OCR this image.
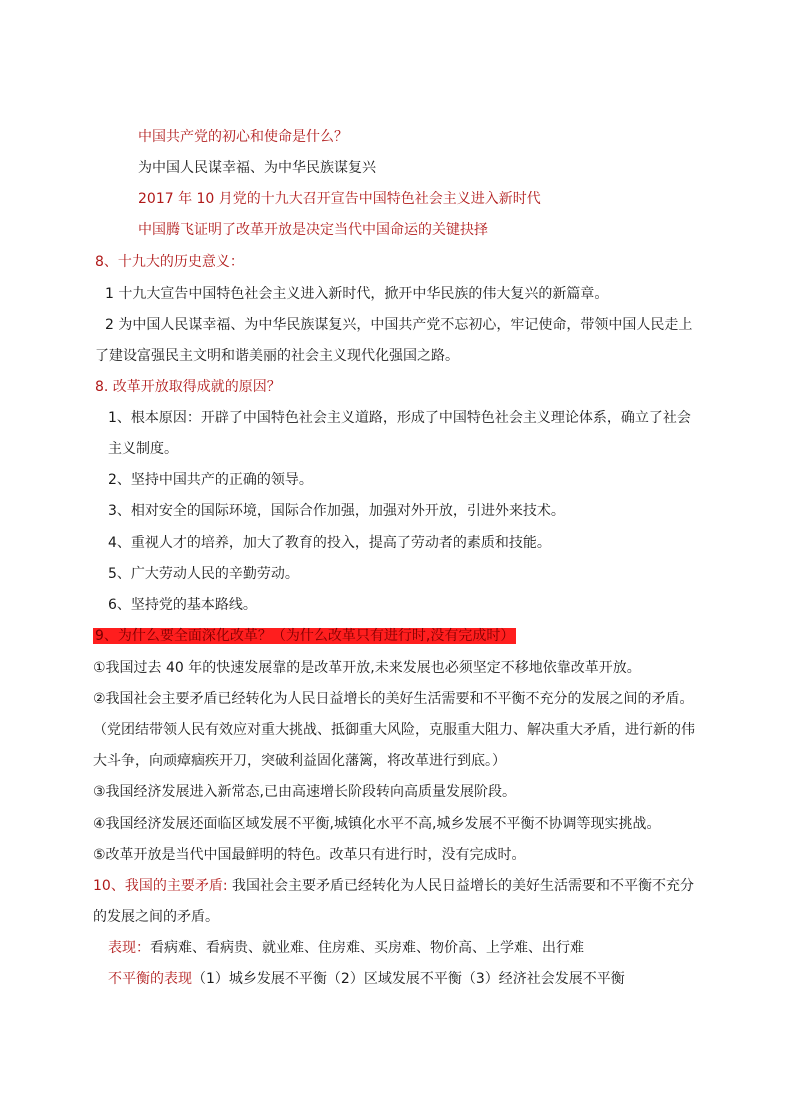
中国共产党的初心和使命是什么？
为中国人民谋幸福、为中华民族谋复兴
2017 年 10 月党的十九大召开宣告中国特色社会主义进入新时代
中国腾飞证明了改革开放是决定当代中国命运的关键抉择
8、十九大的历史意义：
1 十九大宣告中国特色社会主义进入新时代，掀开中华民族的伟大复兴的新篇章。
2 为中国人民谋幸福、为中华民族谋复兴，中国共产党不忘初心，牢记使命，带领中国人民走上
了建设富强民主文明和谐美丽的社会主义现代化强国之路。
8. 改革开放取得成就的原因？
1、根本原因：开辟了中国特色社会主义道路，形成了中国特色社会主义理论体系，确立了社会
主义制度。
2、坚持中国共产的正确的领导。
3、相对安全的国际环境，国际合作加强，加强对外开放，引进外来技术。
4、重视人才的培养，加大了教育的投入，提高了劳动者的素质和技能。
5、广大劳动人民的辛勤劳动。
6、坚持党的基本路线。
9、为什么要全面深化改革？（为什么改革只有进行时,没有完成时）
①我国过去 40 年的快速发展靠的是改革开放,未来发展也必须坚定不移地依靠改革开放。
②我国社会主要矛盾已经转化为人民日益增长的美好生活需要和不平衡不充分的发展之间的矛盾。
（党团结带领人民有效应对重大挑战、抵御重大风险，克服重大阻力、解决重大矛盾，进行新的伟
大斗争，向顽瘴痼疾开刀，突破利益固化藩篱，将改革进行到底。）
③我国经济发展进入新常态,已由高速增长阶段转向高质量发展阶段。
④我国经济发展还面临区域发展不平衡,城镇化水平不高,城乡发展不平衡不协调等现实挑战。
⑤改革开放是当代中国最鲜明的特色。改革只有进行时，没有完成时。
10、我国的主要矛盾: 我国社会主要矛盾已经转化为人民日益增长的美好生活需要和不平衡不充分
的发展之间的矛盾。
表现：看病难、看病贵、就业难、住房难、买房难、物价高、上学难、出行难
不平衡的表现（1）城乡发展不平衡（2）区域发展不平衡（3）经济社会发展不平衡
